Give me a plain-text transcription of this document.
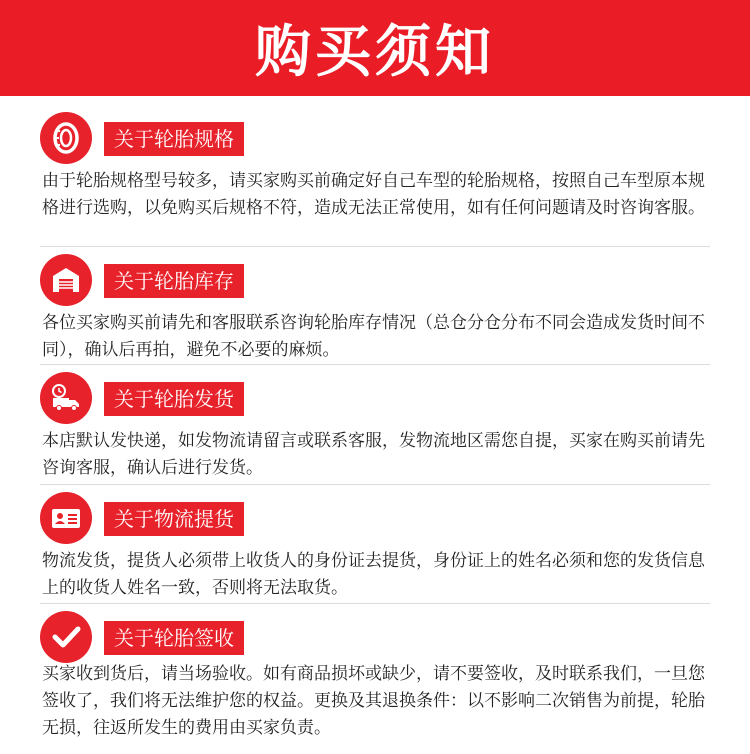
购买须知
关于轮胎规格
由于轮胎规格型号较多，请买家购买前确定好自己车型的轮胎规格，按照自己车型原本规格进行选购，以免购买后规格不符，造成无法正常使用，如有任何问题请及时咨询客服。
关于轮胎库存
各位买家购买前请先和客服联系咨询轮胎库存情况（总仓分仓分布不同会造成发货时间不同），确认后再拍，避免不必要的麻烦。
关于轮胎发货
本店默认发快递，如发物流请留言或联系客服，发物流地区需您自提，买家在购买前请先咨询客服，确认后进行发货。
关于物流提货
物流发货，提货人必须带上收货人的身份证去提货，身份证上的姓名必须和您的发货信息上的收货人姓名一致，否则将无法取货。
关于轮胎签收
买家收到货后，请当场验收。如有商品损坏或缺少，请不要签收，及时联系我们，一旦您签收了，我们将无法维护您的权益。更换及其退换条件：以不影响二次销售为前提，轮胎无损，往返所发生的费用由买家负责。
